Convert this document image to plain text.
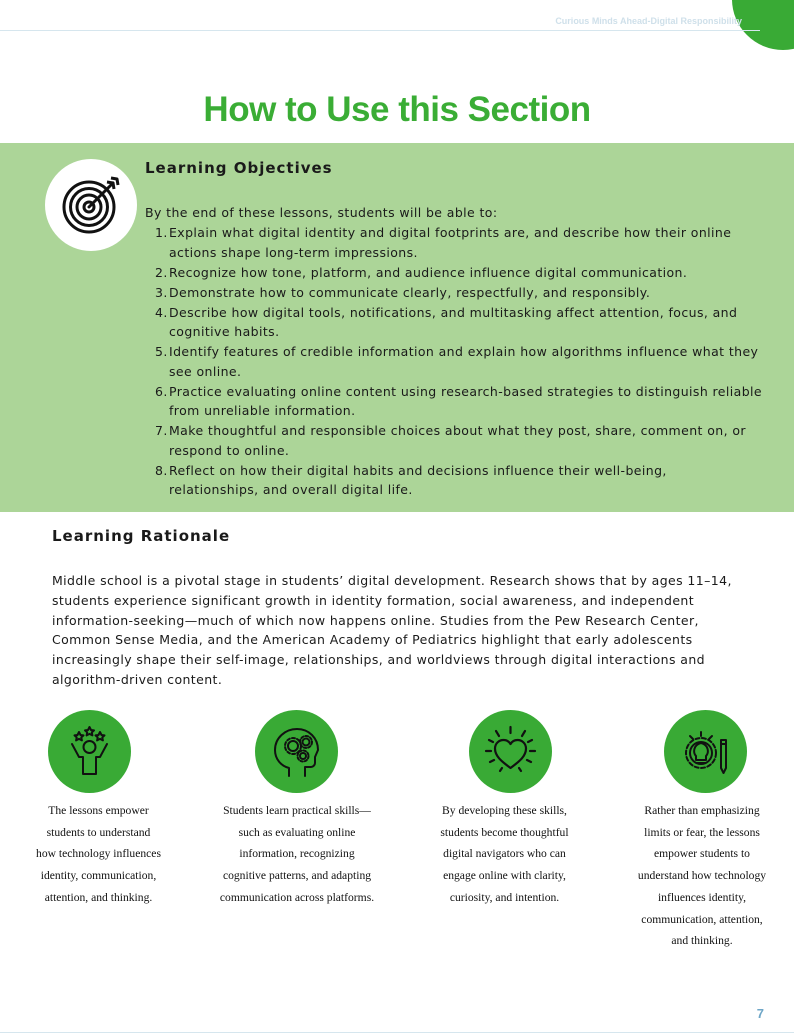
Curious Minds Ahead-Digital Responsibility
How to Use this Section
Learning Objectives
By the end of these lessons, students will be able to:
1. Explain what digital identity and digital footprints are, and describe how their online
actions shape long-term impressions.
2. Recognize how tone, platform, and audience influence digital communication.
3. Demonstrate how to communicate clearly, respectfully, and responsibly.
4. Describe how digital tools, notifications, and multitasking affect attention, focus, and
cognitive habits.
5. Identify features of credible information and explain how algorithms influence what they
see online.
6. Practice evaluating online content using research-based strategies to distinguish reliable
from unreliable information.
7. Make thoughtful and responsible choices about what they post, share, comment on, or
respond to online.
8. Reflect on how their digital habits and decisions influence their well-being,
relationships, and overall digital life.
Learning Rationale
Middle school is a pivotal stage in students’ digital development. Research shows that by ages 11–14,
students experience significant growth in identity formation, social awareness, and independent
information-seeking—much of which now happens online. Studies from the Pew Research Center,
Common Sense Media, and the American Academy of Pediatrics highlight that early adolescents
increasingly shape their self-image, relationships, and worldviews through digital interactions and
algorithm-driven content.
The lessons empower
students to understand
how technology influences
identity, communication,
attention, and thinking.
Students learn practical skills—
such as evaluating online
information, recognizing
cognitive patterns, and adapting
communication across platforms.
By developing these skills,
students become thoughtful
digital navigators who can
engage online with clarity,
curiosity, and intention.
Rather than emphasizing
limits or fear, the lessons
empower students to
understand how technology
influences identity,
communication, attention,
and thinking.
7
